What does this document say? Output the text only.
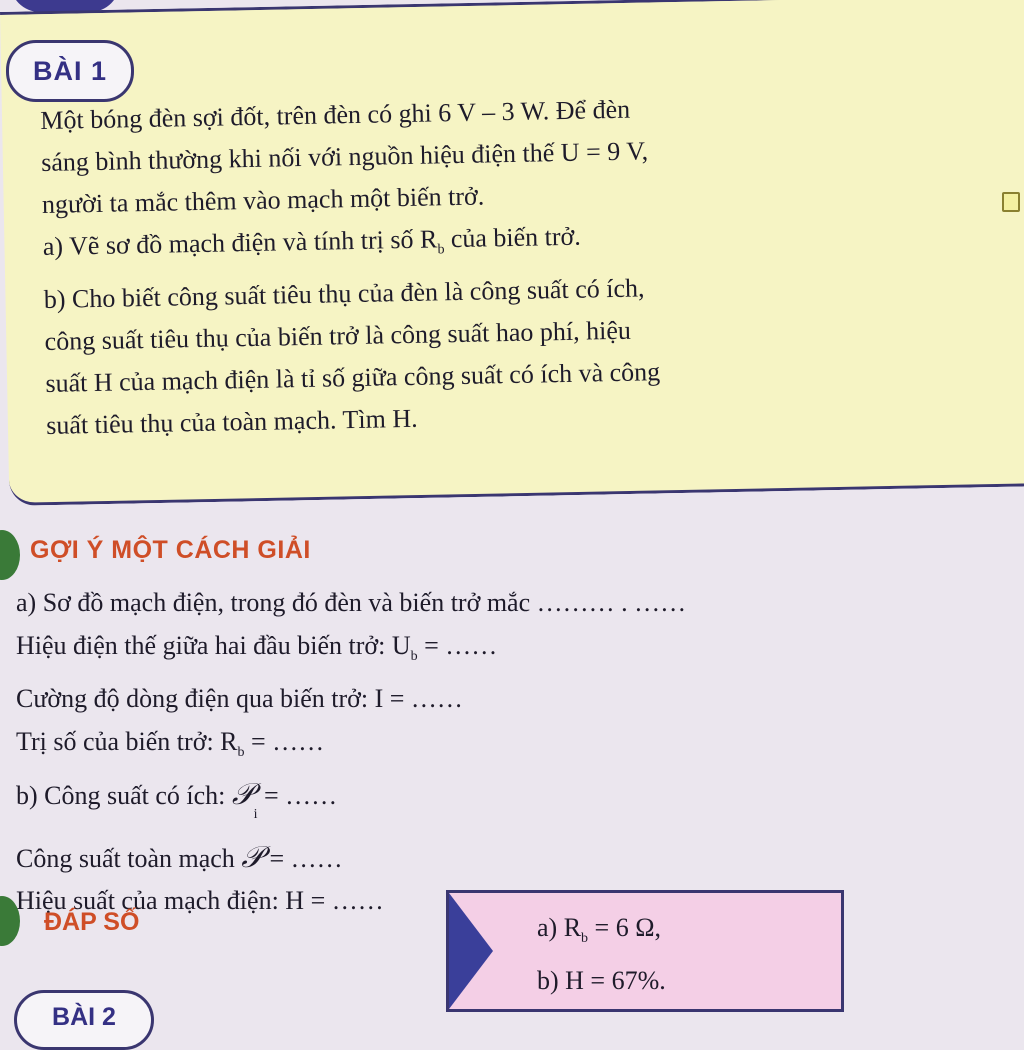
BÀI 1

Một bóng đèn sợi đốt, trên đèn có ghi 6 V – 3 W. Để đèn

sáng bình thường khi nối với nguồn hiệu điện thế U = 9 V,

người ta mắc thêm vào mạch một biến trở.

a) Vẽ sơ đồ mạch điện và tính trị số $R_b$ của biến trở.

b) Cho biết công suất tiêu thụ của đèn là công suất có ích,

công suất tiêu thụ của biến trở là công suất hao phí, hiệu

suất H của mạch điện là tỉ số giữa công suất có ích và công

suất tiêu thụ của toàn mạch. Tìm H.

GỢI Ý MỘT CÁCH GIẢI

a) Sơ đồ mạch điện, trong đó đèn và biến trở mắc ……… . ……

Hiệu điện thế giữa hai đầu biến trở: $U_b$ = ……

Cường độ dòng điện qua biến trở: I = ……

Trị số của biến trở: $R_b$ = ……

b) Công suất có ích: 𝒫$_i$ = ……

Công suất toàn mạch 𝒫 = ……

Hiệu suất của mạch điện: H = ……

ĐÁP SỐ	a) $R_b = 6$ Ω,

b) H = 67%.

BÀI 2
